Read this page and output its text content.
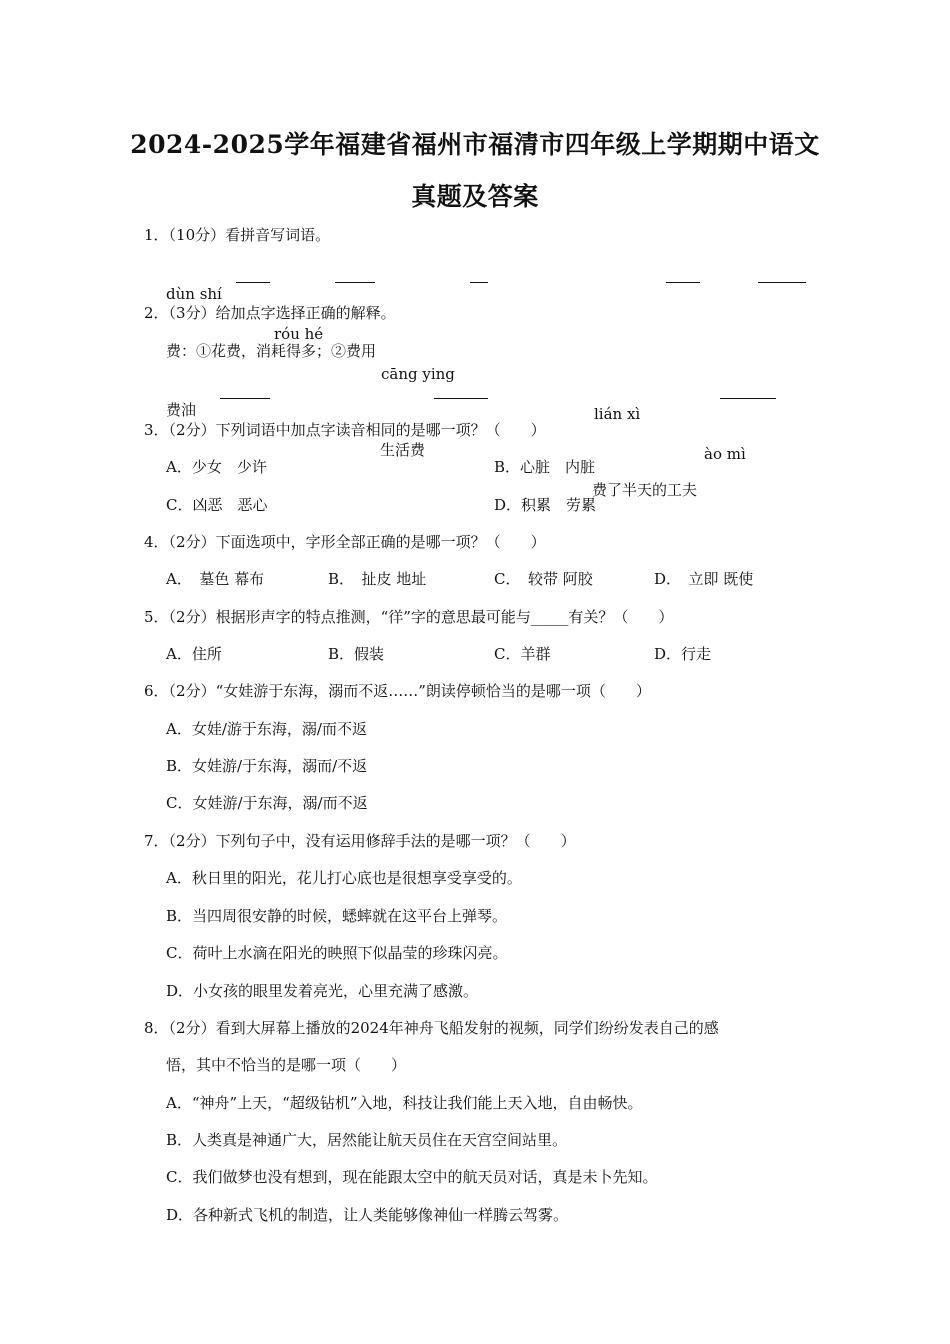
2024-2025学年福建省福州市福清市四年级上学期期中语文
真题及答案
1．（10分）看拼音写词语。

dùn shí

róu hé

cāng ying

lián xì

ào mì

2．（3分）给加点字选择正确的解释。
费：①花费，消耗得多；②费用

费油

生活费

费了半天的工夫

3．（2分）下列词语中加点字读音相同的是哪一项？（　　）
A．少女　少许	B．心脏　内脏
C．凶恶　恶心	D．积累　劳累
4．（2分）下面选项中，字形全部正确的是哪一项？（　　）
A．　墓色 幕布	B．　扯皮 地址	C．　较带 阿胶	D．　立即 既使
5．（2分）根据形声字的特点推测，“徉”字的意思最可能与_____有关？（　　）
A．住所	B．假装	C．羊群	D．行走
6．（2分）“女娃游于东海，溺而不返……”朗读停顿恰当的是哪一项（　　）
A．女娃/游于东海，溺/而不返
B．女娃游/于东海，溺而/不返
C．女娃游/于东海，溺/而不返
7．（2分）下列句子中，没有运用修辞手法的是哪一项？（　　）
A．秋日里的阳光，花儿打心底也是很想享受享受的。
B．当四周很安静的时候，蟋蟀就在这平台上弹琴。
C．荷叶上水滴在阳光的映照下似晶莹的珍珠闪亮。
D．小女孩的眼里发着亮光，心里充满了感激。
8．（2分）看到大屏幕上播放的2024年神舟飞船发射的视频，同学们纷纷发表自己的感
悟，其中不恰当的是哪一项（　　）
A．“神舟”上天，“超级钻机”入地，科技让我们能上天入地，自由畅快。
B．人类真是神通广大，居然能让航天员住在天宫空间站里。
C．我们做梦也没有想到，现在能跟太空中的航天员对话，真是未卜先知。
D．各种新式飞机的制造，让人类能够像神仙一样腾云驾雾。
